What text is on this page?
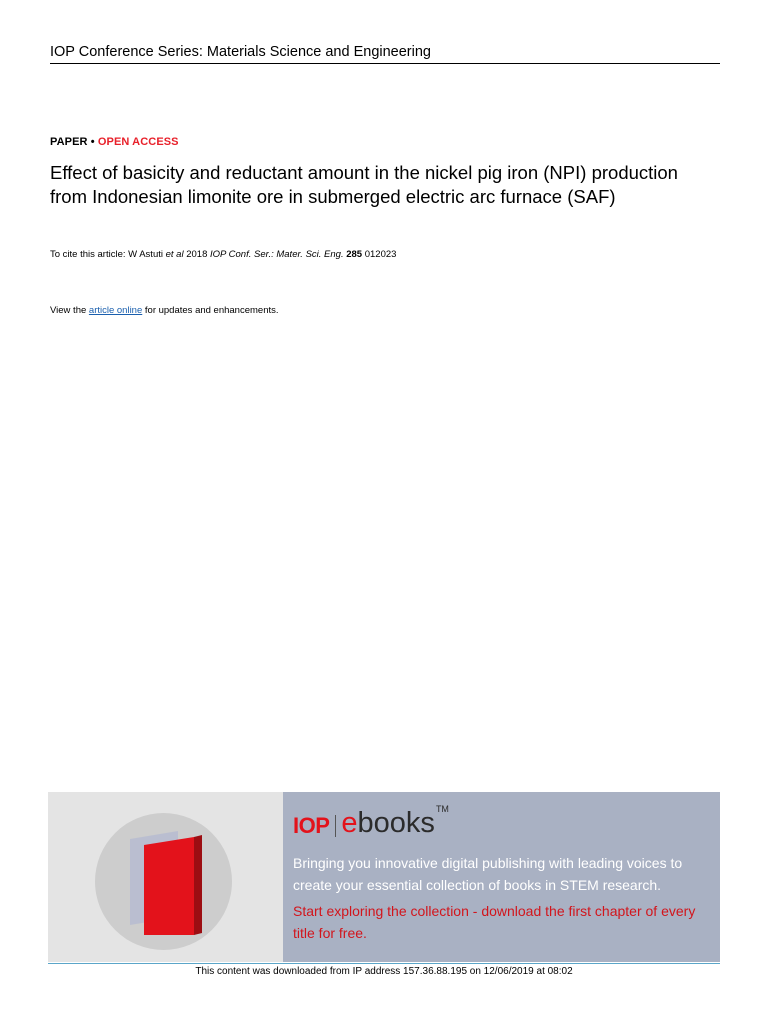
IOP Conference Series: Materials Science and Engineering
PAPER • OPEN ACCESS
Effect of basicity and reductant amount in the nickel pig iron (NPI) production from Indonesian limonite ore in submerged electric arc furnace (SAF)
To cite this article: W Astuti et al 2018 IOP Conf. Ser.: Mater. Sci. Eng. 285 012023
View the article online for updates and enhancements.
IOP e books TM
Bringing you innovative digital publishing with leading voices to create your essential collection of books in STEM research.
Start exploring the collection - download the first chapter of every title for free.
This content was downloaded from IP address 157.36.88.195 on 12/06/2019 at 08:02
